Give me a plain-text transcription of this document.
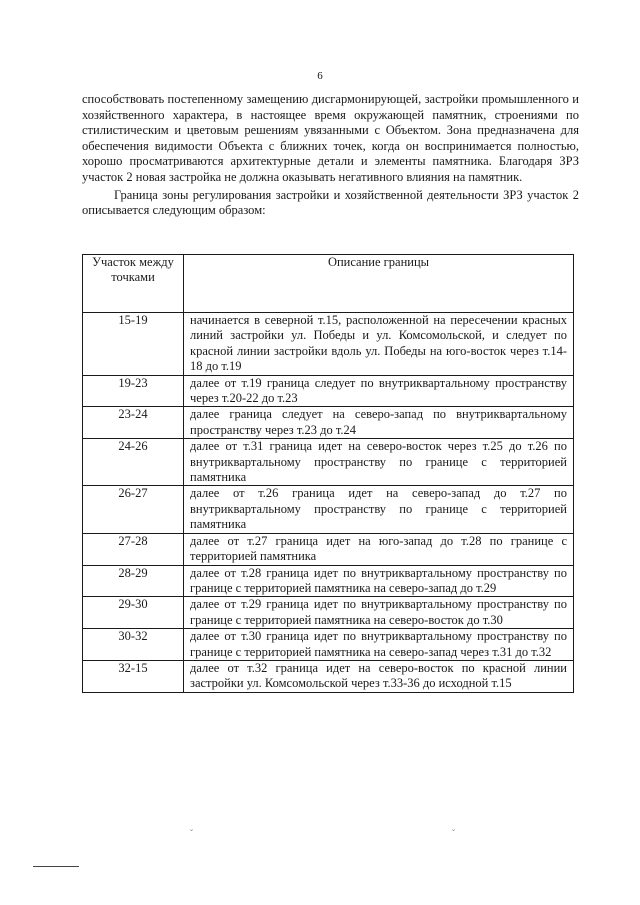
6

способствовать постепенному замещению дисгармонирующей, застройки промышленного и хозяйственного характера, в настоящее время окружающей памятник, строениями по стилистическим и цветовым решениям увязанными с Объектом. Зона предназначена для обеспечения видимости Объекта с ближних точек, когда он воспринимается полностью, хорошо просматриваются архитектурные детали и элементы памятника. Благодаря ЗРЗ участок 2 новая застройка не должна оказывать негативного влияния на памятник.

Граница зоны регулирования застройки и хозяйственной деятельности ЗРЗ участок 2 описывается следующим образом:

Участок между точками	Описание границы
15-19	начинается в северной т.15, расположенной на пересечении красных линий застройки ул. Победы и ул. Комсомольской, и следует по красной линии застройки вдоль ул. Победы на юго-восток через т.14-18 до т.19
19-23	далее от т.19 граница следует по внутриквартальному пространству через т.20-22 до т.23
23-24	далее граница следует на северо-запад по внутриквартальному пространству через т.23 до т.24
24-26	далее от т.31 граница идет на северо-восток через т.25 до т.26 по внутриквартальному пространству по границе с территорией памятника
26-27	далее от т.26 граница идет на северо-запад до т.27 по внутриквартальному пространству по границе с территорией памятника
27-28	далее от т.27 граница идет на юго-запад до т.28 по границе с территорией памятника
28-29	далее от т.28 граница идет по внутриквартальному пространству по границе с территорией памятника на северо-запад до т.29
29-30	далее от т.29 граница идет по внутриквартальному пространству по границе с территорией памятника на северо-восток до т.30
30-32	далее от т.30 граница идет по внутриквартальному пространству по границе с территорией памятника на северо-запад через т.31 до т.32
32-15	далее от т.32 граница идет на северо-восток по красной линии застройки ул. Комсомольской через т.33-36 до исходной т.15
˘	˘
